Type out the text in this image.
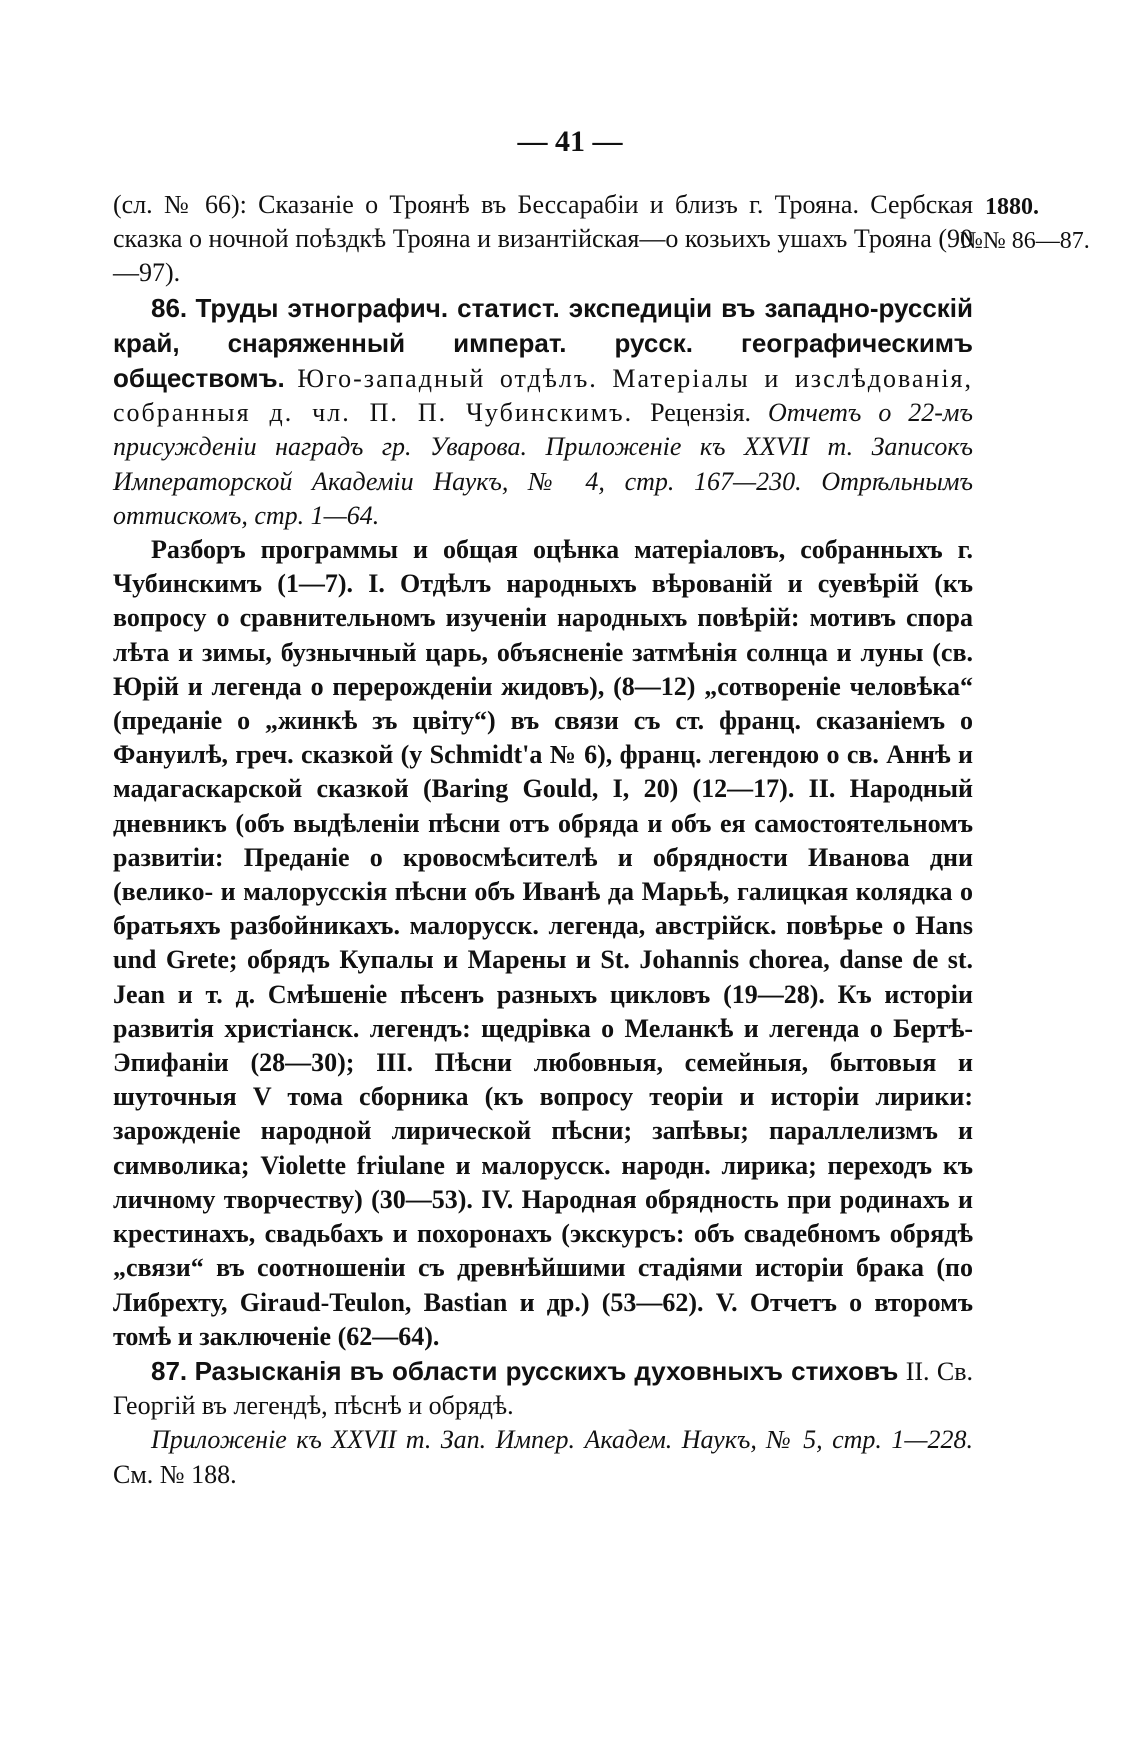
— 41 —
1880.
№№ 86—87.

(сл. № 66): Сказаніе о Троянѣ въ Бессарабіи и близъ г. Трояна. Сербская сказка о ночной поѣздкѣ Трояна и византійская—о козьихъ ушахъ Трояна (90—97).

86. Труды этнографич. статист. экспедиціи въ западно-русскій край, снаряженный императ. русск. географическимъ обществомъ. Юго-западный отдѣлъ. Матеріалы и изслѣдованія, собранныя д. чл. П. П. Чубинскимъ. Рецензія. Отчетъ о 22-мъ присужденіи наградъ гр. Уварова. Приложеніе къ XXVII т. Записокъ Императорской Академіи Наукъ, № 4, стр. 167—230. Отрѣльнымъ оттискомъ, стр. 1—64.

Разборъ программы и общая оцѣнка матеріаловъ, собранныхъ г. Чубинскимъ (1—7). I. Отдѣлъ народныхъ вѣрованій и суевѣрій (къ вопросу о сравнительномъ изученіи народныхъ повѣрій: мотивъ спора лѣта и зимы, бузнычный царь, объясненіе затмѣнія солнца и луны (св. Юрій и легенда о перерожденіи жидовъ), (8—12) „сотвореніе человѣка“ (преданіе о „жинкѣ зъ цвіту“) въ связи съ ст. франц. сказаніемъ о Фануилѣ, греч. сказкой (у Schmidt'a № 6), франц. легендою о св. Аннѣ и мадагаскарской сказкой (Baring Gould, I, 20) (12—17). II. Народный дневникъ (объ выдѣленіи пѣсни отъ обряда и объ ея самостоятельномъ развитіи: Преданіе о кровосмѣсителѣ и обрядности Иванова дни (велико- и малорусскія пѣсни объ Иванѣ да Марьѣ, галицкая колядка о братьяхъ разбойникахъ. малорусск. легенда, австрійск. повѣрье о Hans und Grete; обрядъ Купалы и Марены и St. Johannis chorea, danse de st. Jean и т. д. Смѣшеніе пѣсенъ разныхъ цикловъ (19—28). Къ исторіи развитія христіанск. легендъ: щедрівка о Меланкѣ и легенда о Бертѣ-Эпифаніи (28—30); III. Пѣсни любовныя, семейныя, бытовыя и шуточныя V тома сборника (къ вопросу теоріи и исторіи лирики: зарожденіе народной лирической пѣсни; запѣвы; параллелизмъ и символика; Violette friulane и малорусск. народн. лирика; переходъ къ личному творчеству) (30—53). IV. Народная обрядность при родинахъ и крестинахъ, свадьбахъ и похоронахъ (экскурсъ: объ свадебномъ обрядѣ „связи“ въ соотношеніи съ древнѣйшими стадіями исторіи брака (по Либрехту, Giraud-Teulon, Bastian и др.) (53—62). V. Отчетъ о второмъ томѣ и заключеніе (62—64).

87. Разысканія въ области русскихъ духовныхъ стиховъ II. Св. Георгій въ легендѣ, пѣснѣ и обрядѣ.

Приложеніе къ XXVII т. Зап. Импер. Академ. Наукъ, № 5, стр. 1—228. См. № 188.
